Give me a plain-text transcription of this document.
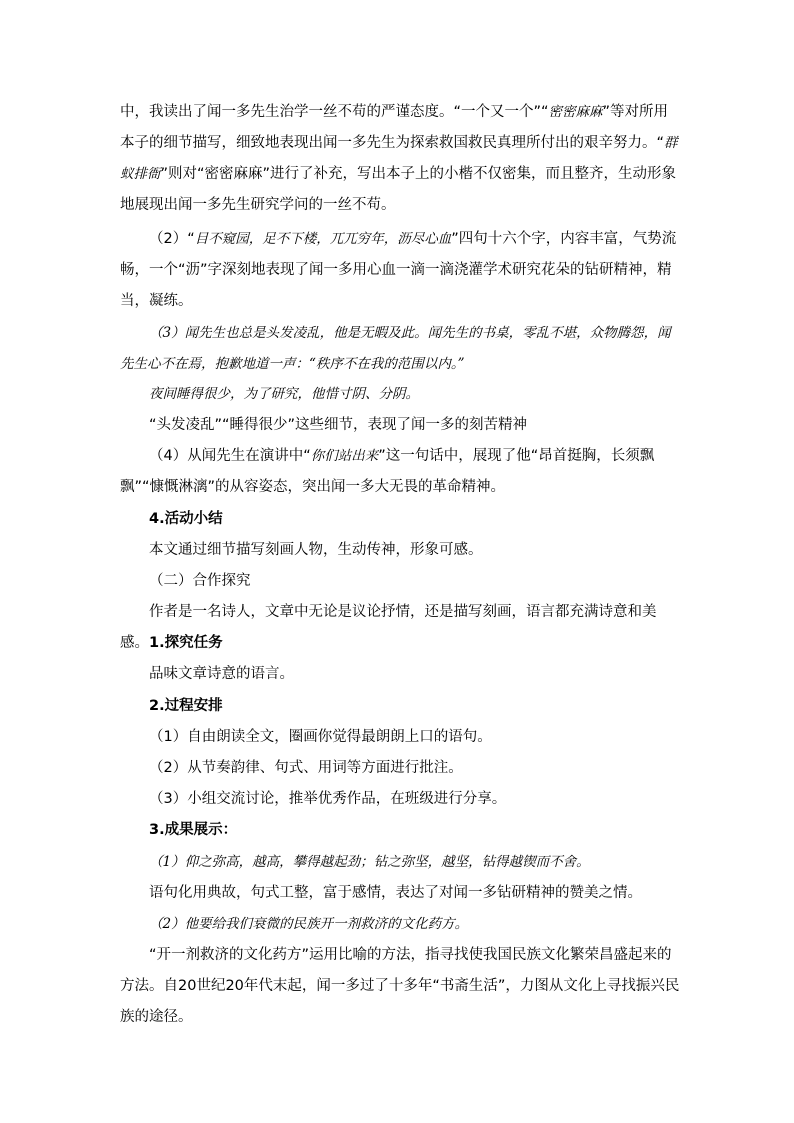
中，我读出了闻一多先生治学一丝不苟的严谨态度。“一个又一个”“密密麻麻”等对所用本子的细节描写，细致地表现出闻一多先生为探索救国救民真理所付出的艰辛努力。“群蚁排衙”则对“密密麻麻”进行了补充，写出本子上的小楷不仅密集，而且整齐，生动形象地展现出闻一多先生研究学问的一丝不苟。

（2）“目不窥园，足不下楼，兀兀穷年，沥尽心血”四句十六个字，内容丰富，气势流畅，一个“沥”字深刻地表现了闻一多用心血一滴一滴浇灌学术研究花朵的钻研精神，精当，凝练。

（3）闻先生也总是头发凌乱，他是无暇及此。闻先生的书桌，零乱不堪，众物腾怨，闻先生心不在焉，抱歉地道一声：“秩序不在我的范围以内。”

夜间睡得很少，为了研究，他惜寸阴、分阴。

“头发凌乱”“睡得很少”这些细节，表现了闻一多的刻苦精神

（4）从闻先生在演讲中“你们站出来”这一句话中，展现了他“昂首挺胸，长须飘飘”“慷慨淋漓”的从容姿态，突出闻一多大无畏的革命精神。

4.活动小结

本文通过细节描写刻画人物，生动传神，形象可感。

（二）合作探究

作者是一名诗人，文章中无论是议论抒情，还是描写刻画，语言都充满诗意和美感。 1.探究任务

品味文章诗意的语言。

2.过程安排

（1）自由朗读全文，圈画你觉得最朗朗上口的语句。

（2）从节奏韵律、句式、用词等方面进行批注。

（3）小组交流讨论，推举优秀作品，在班级进行分享。

3.成果展示：

（1）仰之弥高，越高，攀得越起劲；钻之弥坚，越坚，钻得越锲而不舍。

语句化用典故，句式工整，富于感情，表达了对闻一多钻研精神的赞美之情。

（2）他要给我们衰微的民族开一剂救济的文化药方。

“开一剂救济的文化药方”运用比喻的方法，指寻找使我国民族文化繁荣昌盛起来的方法。自20世纪20年代末起，闻一多过了十多年“书斋生活”，力图从文化上寻找振兴民族的途径。
